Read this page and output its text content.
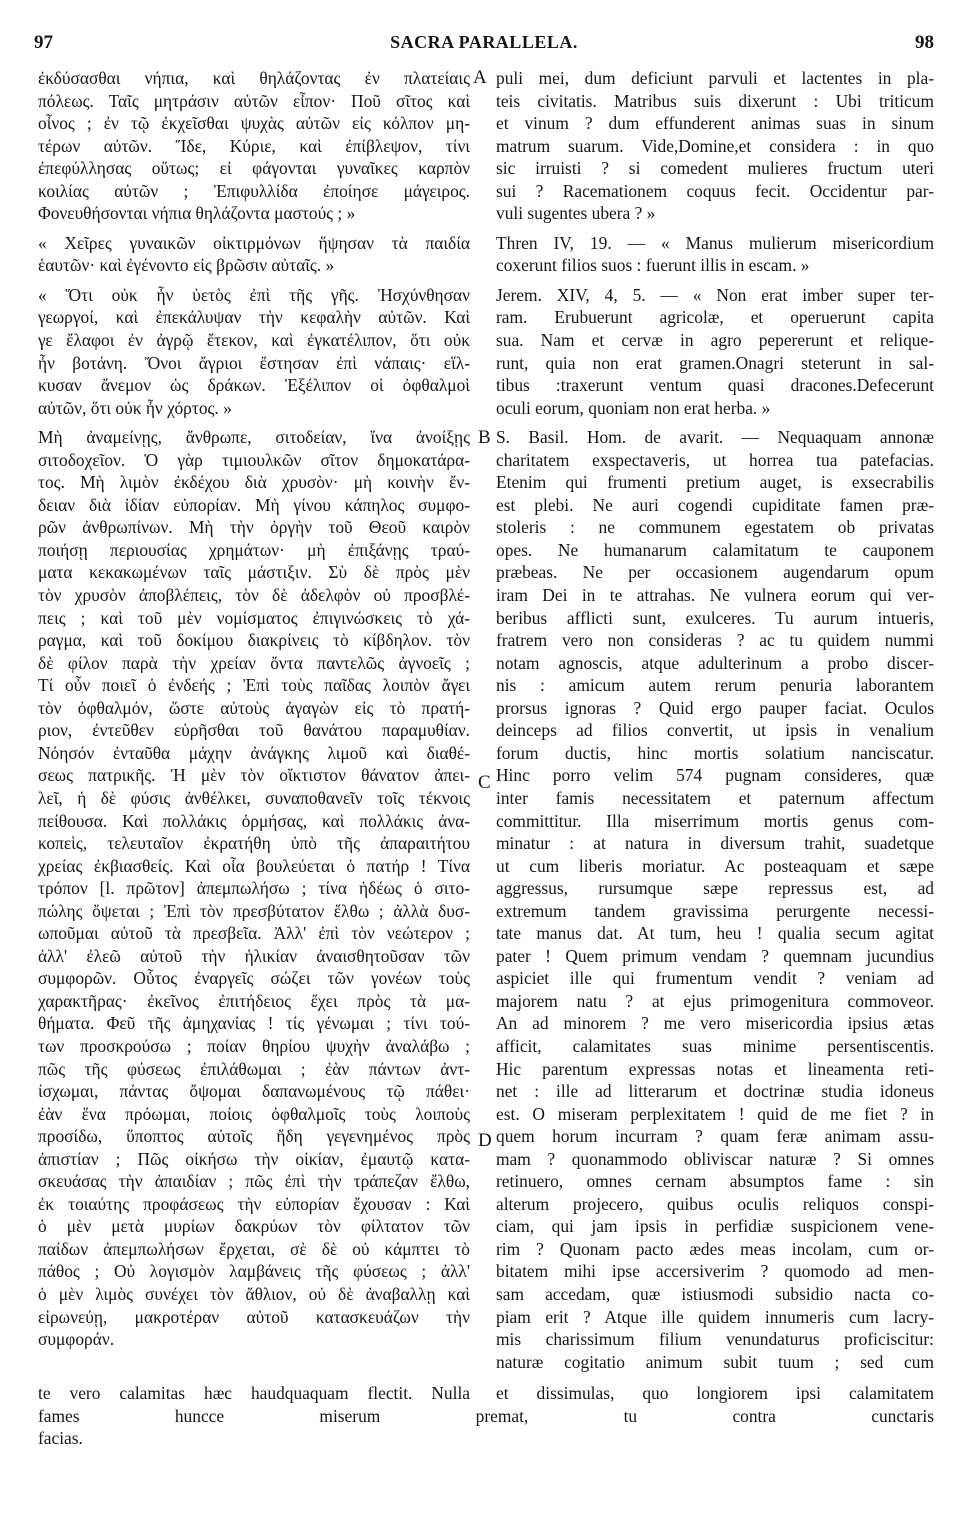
97	SACRA PARALLELA.	98
ἐκδύσασθαι νήπια, καὶ θηλάζοντας ἐν πλατείαις
πόλεως. Ταῖς μητράσιν αὐτῶν εἶπον· Ποῦ σῖτος καὶ
οἶνος ; ἐν τῷ ἐκχεῖσθαι ψυχὰς αὐτῶν εἰς κόλπον μη-
τέρων αὐτῶν. Ἴδε, Κύριε, καὶ ἐπίβλεψον, τίνι
ἐπεφύλλησας οὕτως; εἰ φάγονται γυναῖκες καρπὸν
κοιλίας αὐτῶν ; Ἐπιφυλλίδα ἐποίησε μάγειρος.
Φονευθήσονται νήπια θηλάζοντα μαστούς ; »
« Χεῖρες γυναικῶν οἰκτιρμόνων ἥψησαν τὰ παιδία
ἑαυτῶν· καὶ ἐγένοντο εἰς βρῶσιν αὐταῖς. »
« Ὅτι οὐκ ἦν ὑετὸς ἐπὶ τῆς γῆς. Ἠσχύνθησαν
γεωργοί, καὶ ἐπεκάλυψαν τὴν κεφαλὴν αὐτῶν. Καὶ
γε ἔλαφοι ἐν ἀγρῷ ἔτεκον, καὶ ἐγκατέλιπον, ὅτι οὐκ
ἦν βοτάνη. Ὄνοι ἄγριοι ἔστησαν ἐπὶ νάπαις· εἵλ-
κυσαν ἄνεμον ὡς δράκων. Ἐξέλιπον οἱ ὀφθαλμοὶ
αὐτῶν, ὅτι οὐκ ἦν χόρτος. »
Μὴ ἀναμείνῃς, ἄνθρωπε, σιτοδείαν, ἵνα ἀνοίξῃς
σιτοδοχεῖον. Ὁ γὰρ τιμιουλκῶν σῖτον δημοκατάρα-
τος. Μὴ λιμὸν ἐκδέχου διὰ χρυσὸν· μὴ κοινὴν ἔν-
δειαν διὰ ἰδίαν εὐπορίαν. Μὴ γίνου κάπηλος συμφο-
ρῶν ἀνθρωπίνων. Μὴ τὴν ὀργὴν τοῦ Θεοῦ καιρὸν
ποιήσῃ περιουσίας χρημάτων· μὴ ἐπιξάνῃς τραύ-
ματα κεκακωμένων ταῖς μάστιξιν. Σὺ δὲ πρὸς μὲν
τὸν χρυσὸν ἀποβλέπεις, τὸν δὲ ἀδελφὸν οὐ προσβλέ-
πεις ; καὶ τοῦ μὲν νομίσματος ἐπιγινώσκεις τὸ χά-
ραγμα, καὶ τοῦ δοκίμου διακρίνεις τὸ κίβδηλον. τὸν
δὲ φίλον παρὰ τὴν χρείαν ὄντα παντελῶς ἀγνοεῖς ;
Τί οὖν ποιεῖ ὁ ἐνδεής ; Ἐπὶ τοὺς παῖδας λοιπὸν ἄγει
τὸν ὀφθαλμόν, ὥστε αὐτοὺς ἀγαγὼν εἰς τὸ πρατή-
ριον, ἐντεῦθεν εὑρῆσθαι τοῦ θανάτου παραμυθίαν.
Νόησόν ἐνταῦθα μάχην ἀνάγκης λιμοῦ καὶ διαθέ-
σεως πατρικῆς. Ἡ μὲν τὸν οἴκτιστον θάνατον ἀπει-
λεῖ, ἡ δὲ φύσις ἀνθέλκει, συναποθανεῖν τοῖς τέκνοις
πείθουσα. Καὶ πολλάκις ὁρμήσας, καὶ πολλάκις ἀνα-
κοπεὶς, τελευταῖον ἐκρατήθη ὑπὸ τῆς ἀπαραιτήτου
χρείας ἐκβιασθείς. Καὶ οἷα βουλεύεται ὁ πατήρ ! Τίνα
τρόπον [l. πρῶτον] ἀπεμπωλήσω ; τίνα ἡδέως ὁ σιτο-
πώλης ὄψεται ; Ἐπὶ τὸν πρεσβύτατον ἔλθω ; ἀλλὰ δυσ-
ωποῦμαι αὐτοῦ τὰ πρεσβεῖα. Ἀλλ' ἐπὶ τὸν νεώτερον ;
ἀλλ' ἐλεῶ αὐτοῦ τὴν ἡλικίαν ἀναισθητοῦσαν τῶν
συμφορῶν. Οὗτος ἐναργεῖς σώζει τῶν γονέων τοὺς
χαρακτῆρας· ἐκεῖνος ἐπιτήδειος ἔχει πρὸς τὰ μα-
θήματα. Φεῦ τῆς ἀμηχανίας ! τίς γένωμαι ; τίνι τού-
των προσκρούσω ; ποίαν θηρίου ψυχὴν ἀναλάβω ;
πῶς τῆς φύσεως ἐπιλάθωμαι ; ἐὰν πάντων ἀντ-
ίσχωμαι, πάντας ὄψομαι δαπανωμένους τῷ πάθει·
ἐὰν ἕνα πρόωμαι, ποίοις ὀφθαλμοῖς τοὺς λοιποὺς
προσίδω, ὕποπτος αὐτοῖς ἤδη γεγενημένος πρὸς
ἀπιστίαν ; Πῶς οἰκήσω τὴν οἰκίαν, ἐμαυτῷ κατα-
σκευάσας τὴν ἀπαιδίαν ; πῶς ἐπὶ τὴν τράπεζαν ἔλθω,
ἐκ τοιαύτης προφάσεως τὴν εὐπορίαν ἔχουσαν : Καὶ
ὁ μὲν μετὰ μυρίων δακρύων τὸν φίλτατον τῶν
παίδων ἀπεμπωλήσων ἔρχεται, σὲ δὲ οὐ κάμπτει τὸ
πάθος ; Οὐ λογισμὸν λαμβάνεις τῆς φύσεως ; ἀλλ'
ὁ μὲν λιμὸς συνέχει τὸν ἄθλιον, οὐ δὲ ἀναβαλλῃ καὶ
εἰρωνεύῃ, μακροτέραν αὐτοῦ κατασκευάζων τὴν
συμφοράν.
puli mei, dum deficiunt parvuli et lactentes in pla-
teis civitatis. Matribus suis dixerunt : Ubi triticum
et vinum ? dum effunderent animas suas in sinum
matrum suarum. Vide,Domine,et considera : in quo
sic irruisti ? si comedent mulieres fructum uteri
sui ? Racemationem coquus fecit. Occidentur par-
vuli sugentes ubera ? »
Thren IV, 19. — « Manus mulierum misericordium
coxerunt filios suos : fuerunt illis in escam. »
Jerem. XIV, 4, 5. — « Non erat imber super ter-
ram. Erubuerunt agricolæ, et operuerunt capita
sua. Nam et cervæ in agro pepererunt et relique-
runt, quia non erat gramen.Onagri steterunt in sal-
tibus :traxerunt ventum quasi dracones.Defecerunt
oculi eorum, quoniam non erat herba. »
S. Basil. Hom. de avarit. — Nequaquam annonæ
charitatem exspectaveris, ut horrea tua patefacias.
Etenim qui frumenti pretium auget, is exsecrabilis
est plebi. Ne auri cogendi cupiditate famen præ-
stoleris : ne communem egestatem ob privatas
opes. Ne humanarum calamitatum te cauponem
præbeas. Ne per occasionem augendarum opum
iram Dei in te attrahas. Ne vulnera eorum qui ver-
beribus afflicti sunt, exulceres. Tu aurum intueris,
fratrem vero non consideras ? ac tu quidem nummi
notam agnoscis, atque adulterinum a probo discer-
nis : amicum autem rerum penuria laborantem
prorsus ignoras ? Quid ergo pauper faciat. Oculos
deinceps ad filios convertit, ut ipsis in venalium
forum ductis, hinc mortis solatium nanciscatur.
Hinc porro velim 574 pugnam consideres, quæ
inter famis necessitatem et paternum affectum
committitur. Illa miserrimum mortis genus com-
minatur : at natura in diversum trahit, suadetque
ut cum liberis moriatur. Ac posteaquam et sæpe
aggressus, rursumque sæpe repressus est, ad
extremum tandem gravissima perurgente necessi-
tate manus dat. At tum, heu ! qualia secum agitat
pater ! Quem primum vendam ? quemnam jucundius
aspiciet ille qui frumentum vendit ? veniam ad
majorem natu ? at ejus primogenitura commoveor.
An ad minorem ? me vero misericordia ipsius ætas
afficit, calamitates suas minime persentiscentis.
Hic parentum expressas notas et lineamenta reti-
net : ille ad litterarum et doctrinæ studia idoneus
est. O miseram perplexitatem ! quid de me fiet ? in
quem horum incurram ? quam feræ animam assu-
mam ? quonammodo obliviscar naturæ ? Si omnes
retinuero, omnes cernam absumptos fame : sin
alterum projecero, quibus oculis reliquos conspi-
ciam, qui jam ipsis in perfidiæ suspicionem vene-
rim ? Quonam pacto ædes meas incolam, cum or-
bitatem mihi ipse accersiverim ? quomodo ad men-
sam accedam, quæ istiusmodi subsidio nacta co-
piam erit ? Atque ille quidem innumeris cum lacry-
mis charissimum filium venundaturus proficiscitur:
naturæ cogitatio animum subit tuum ; sed cum
A
B
C
D
te vero calamitas hæc haudquaquam flectit. Nulla et dissimulas, quo longiorem ipsi calamitatem
fames huncce miserum premat, tu contra cunctaris
facias.
